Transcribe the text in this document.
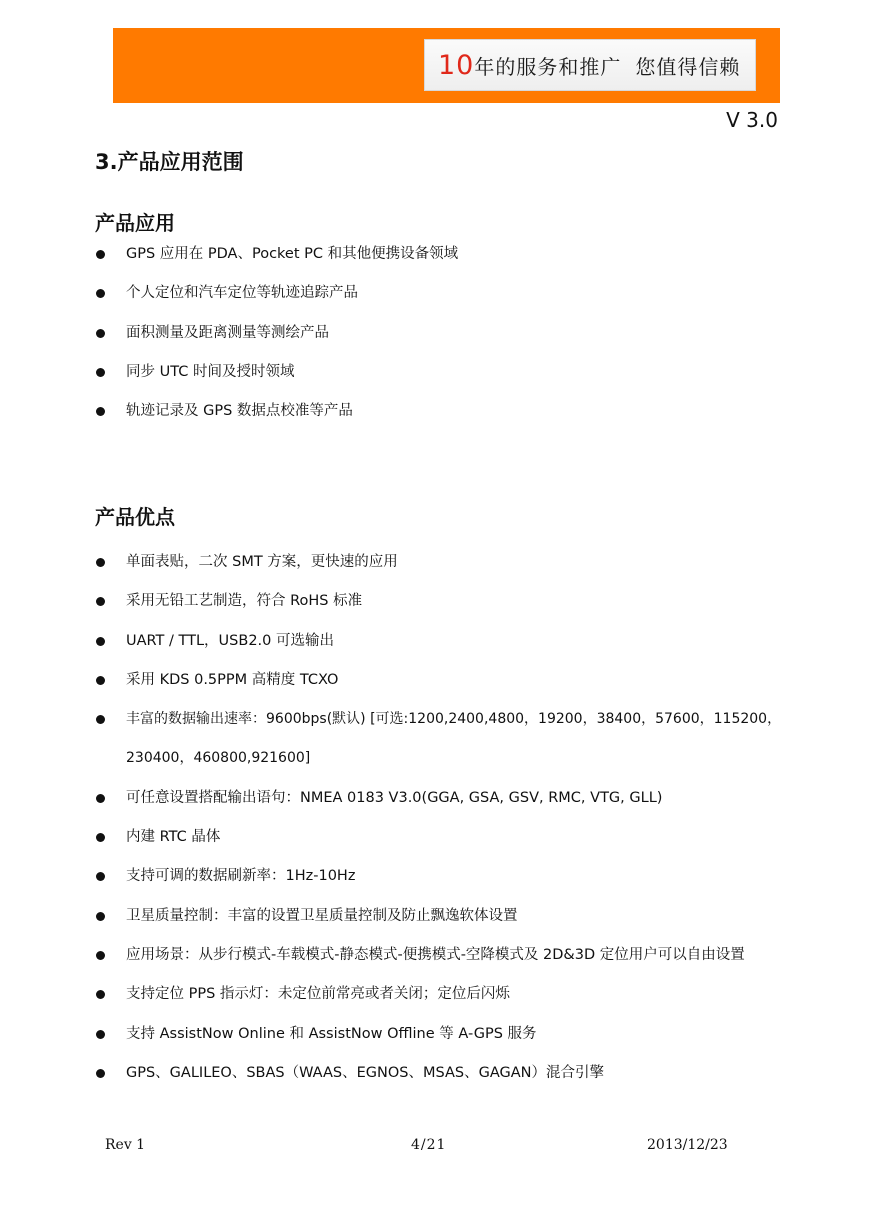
10年的服务和推广 您值得信赖
V 3.0
3.产品应用范围
产品应用
GPS 应用在 PDA、Pocket PC 和其他便携设备领域
个人定位和汽车定位等轨迹追踪产品
面积测量及距离测量等测绘产品
同步 UTC 时间及授时领域
轨迹记录及 GPS 数据点校准等产品
产品优点
单面表贴，二次 SMT 方案，更快速的应用
采用无铅工艺制造，符合 RoHS 标准
UART / TTL，USB2.0 可选输出
采用 KDS 0.5PPM 高精度 TCXO
丰富的数据输出速率：9600bps(默认) [可选:1200,2400,4800，19200，38400，57600，115200，
230400，460800,921600]
可任意设置搭配输出语句：NMEA 0183 V3.0(GGA, GSA, GSV, RMC, VTG, GLL)
内建 RTC 晶体
支持可调的数据刷新率：1Hz-10Hz
卫星质量控制：丰富的设置卫星质量控制及防止飘逸软体设置
应用场景：从步行模式-车载模式-静态模式-便携模式-空降模式及 2D&3D 定位用户可以自由设置
支持定位 PPS 指示灯：未定位前常亮或者关闭；定位后闪烁
支持 AssistNow Online 和 AssistNow Offline 等 A-GPS 服务
GPS、GALILEO、SBAS（WAAS、EGNOS、MSAS、GAGAN）混合引擎
Rev 1	4/21	2013/12/23
